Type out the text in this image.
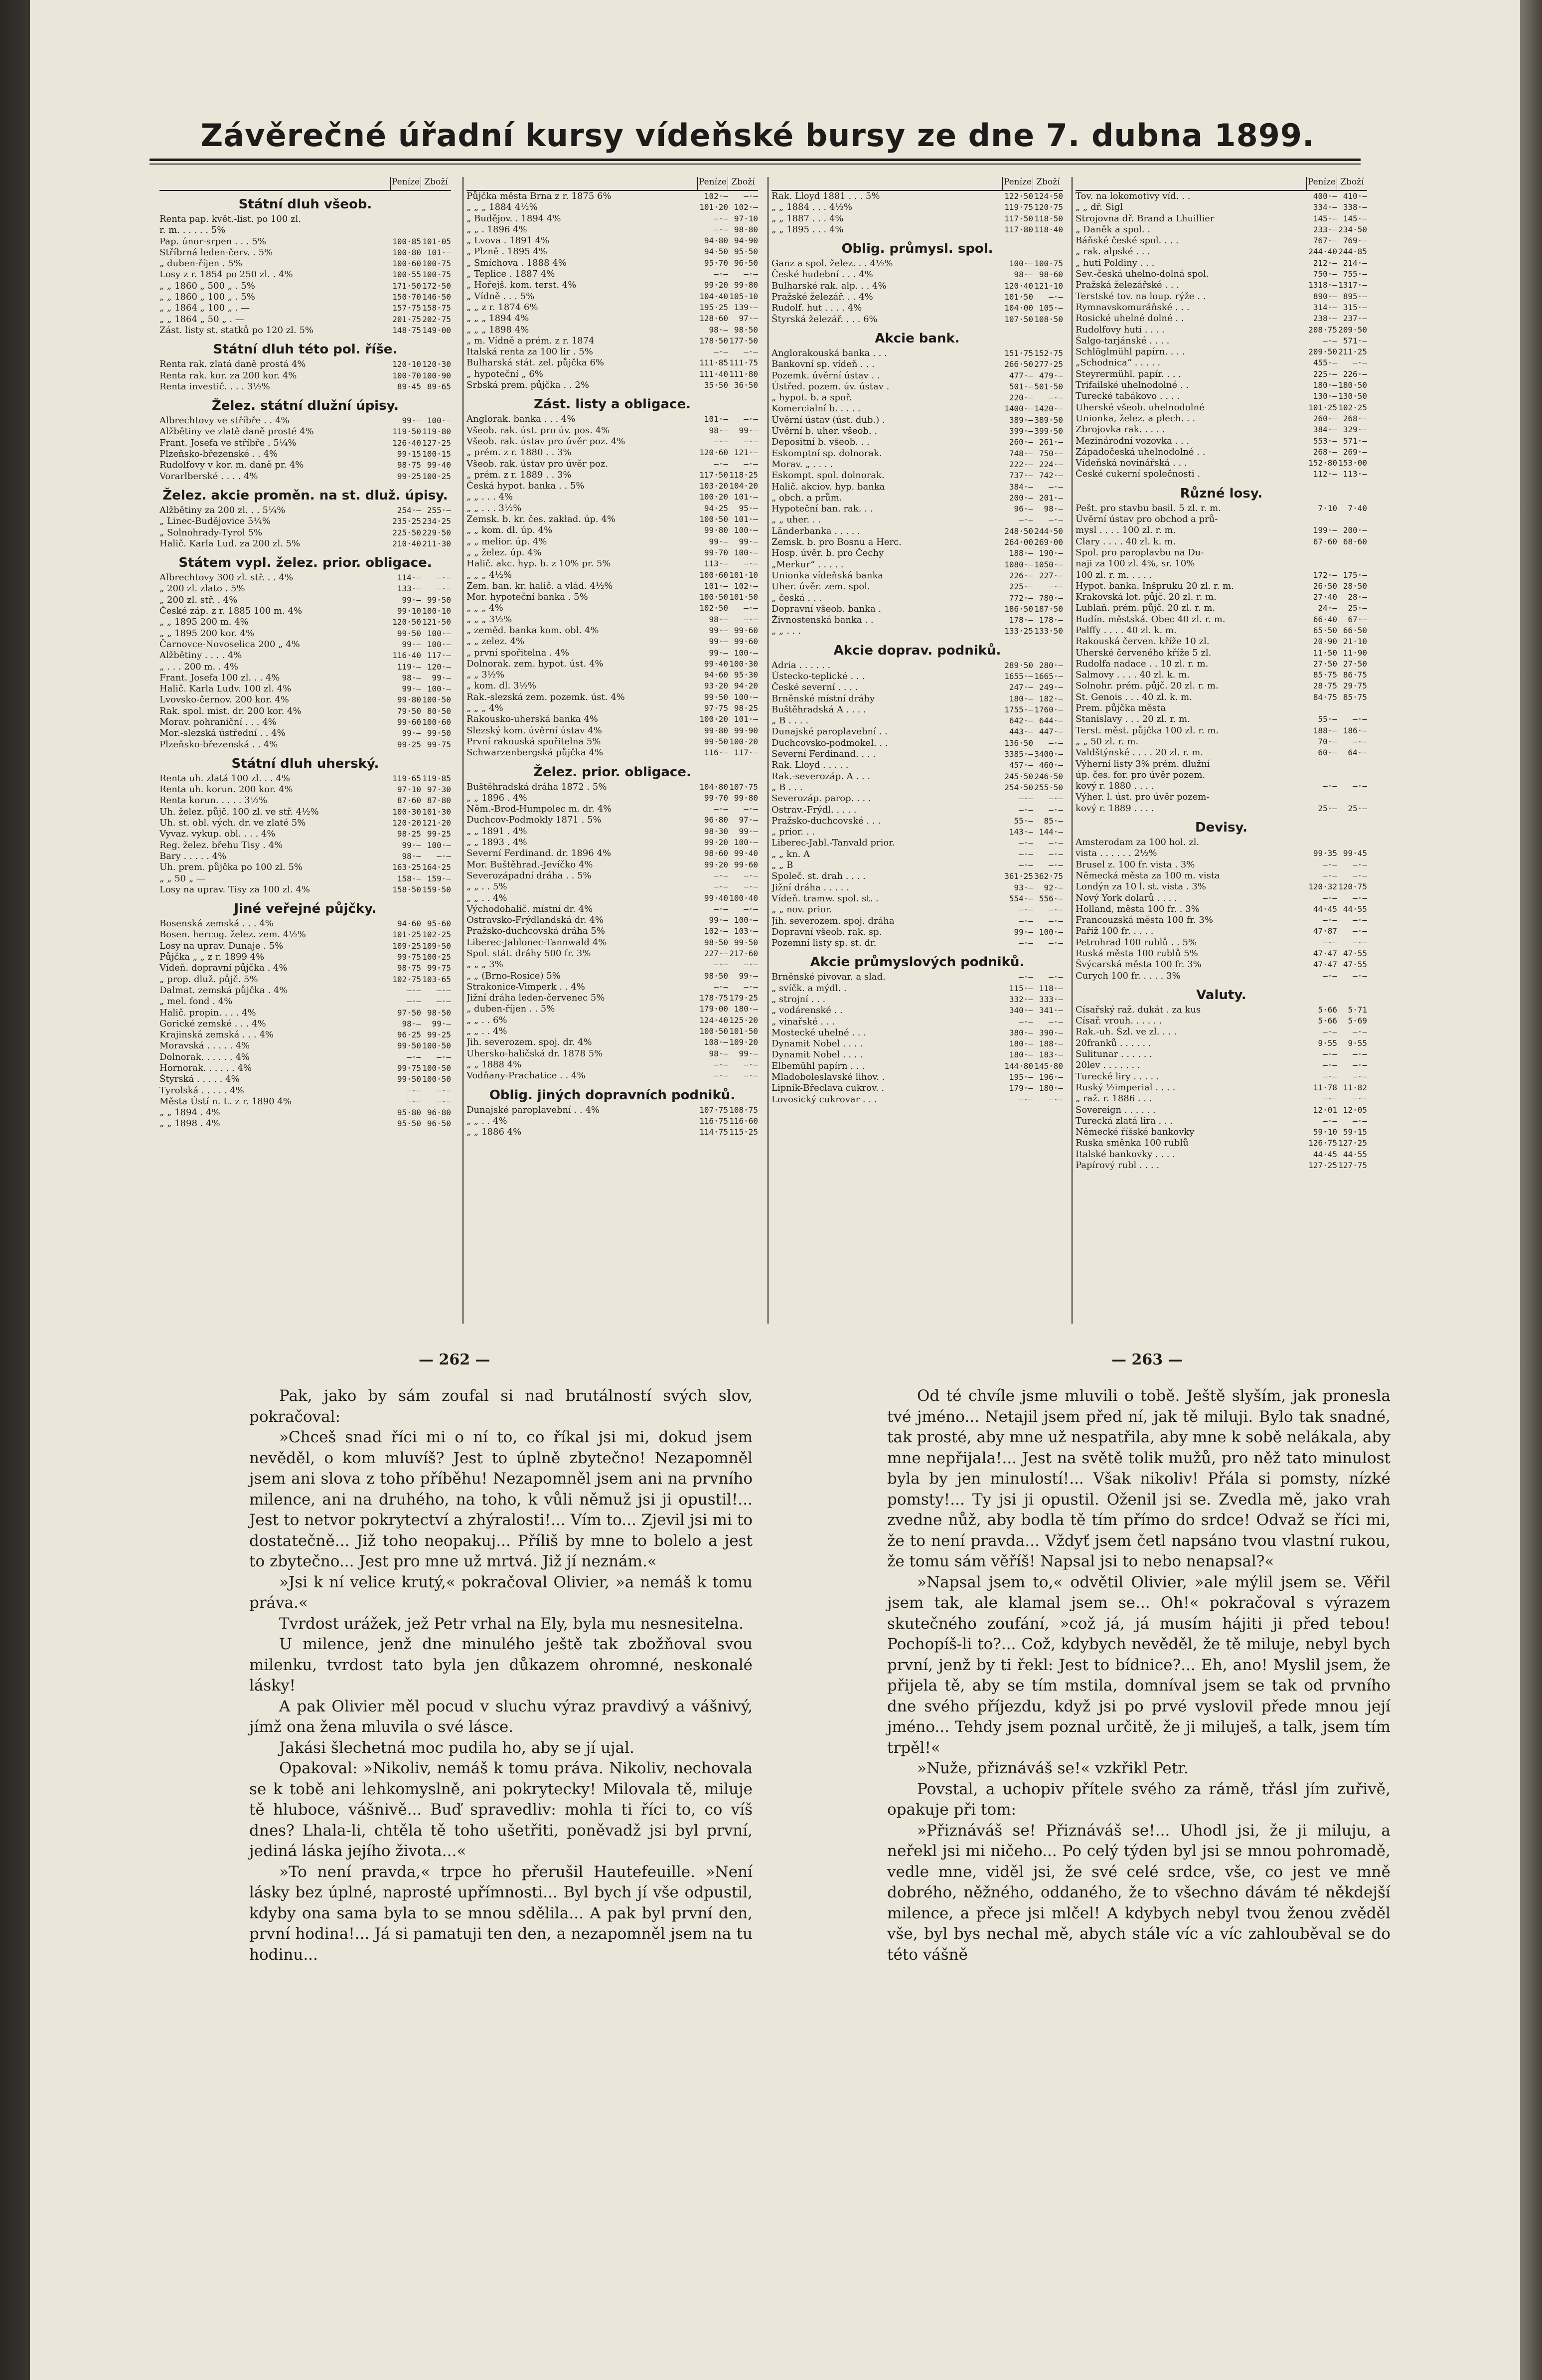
Závěrečné úřadní kursy vídeňské bursy ze dne 7. dubna 1899.
Peníze Zboží
Státní dluh všeob.
Renta pap. květ.-list. po 100 zl.
r. m. . . . . . 5%
Pap. únor-srpen . . . 5%	100·85 101·05
Stříbrná leden-červ. . 5%	100·80 101·—
„ duben-říjen . 5%	100·60 100·75
Losy z r. 1854 po 250 zl. . 4%	100·55 100·75
„ „ 1860 „ 500 „ . 5%	171·50 172·50
„ „ 1860 „ 100 „ . 5%	150·70 146·50
„ „ 1864 „ 100 „ . —	157·75 158·75
„ „ 1864 „ 50 „ . —	201·75 202·75
Zást. listy st. statků po 120 zl. 5%	148·75 149·00
Státní dluh této pol. říše.
Renta rak. zlatá daně prostá 4%	120·10 120·30
Renta rak. kor. za 200 kor. 4%	100·70 100·90
Renta investič. . . . 3½%	89·45 89·65
Želez. státní dlužní úpisy.
Albrechtovy ve stříbře . . 4%	99·— 100·—
Alžbětiny ve zlatě daně prosté 4%	119·50 119·80
Frant. Josefa ve stříbře . 5¼%	126·40 127·25
Plzeňsko-březenské . . 4%	99·15 100·15
Rudolfovy v kor. m. daně pr. 4%	98·75 99·40
Vorarlberské . . . . 4%	99·25 100·25
Želez. akcie proměn. na st. dluž. úpisy.
Alžbětiny za 200 zl. . . 5¼%	254·— 255·—
„ Linec-Budějovice 5¼%	235·25 234·25
„ Solnohrady-Tyrol 5%	225·50 229·50
Halič. Karla Lud. za 200 zl. 5%	210·40 211·30
Státem vypl. želez. prior. obligace.
Albrechtovy 300 zl. stř. . . 4%	114·—	—·—
„ 200 zl. zlato . 5%	133·—	—·—
„ 200 zl. stř. . 4%	99·— 99·50
České záp. z r. 1885 100 m. 4%	99·10 100·10
„ „ 1895 200 m. 4%	120·50 121·50
„ „ 1895 200 kor. 4%	99·50 100·—
Čarnovce-Novoselica 200 „ 4%	99·— 100·—
Alžbětiny . . . . 4%	116·40 117·—
„ . . . 200 m. . 4%	119·— 120·—
Frant. Josefa 100 zl. . . 4%	98·—	99·—
Halič. Karla Ludv. 100 zl. 4%	99·— 100·—
Lvovsko-černov. 200 kor. 4%	99·80 100·50
Rak. spol. mist. dr. 200 kor. 4%	79·50 80·50
Morav. pohraniční . . . 4%	99·60 100·60
Mor.-slezská ústřední . . 4%	99·— 99·50
Plzeňsko-březenská . . 4%	99·25 99·75
Státní dluh uherský.
Renta uh. zlatá 100 zl. . . 4%	119·65 119·85
Renta uh. korun. 200 kor. 4%	97·10 97·30
Renta korun. . . . . 3½%	87·60 87·80
Uh. želez. půjč. 100 zl. ve stř. 4½%	100·30 101·30
Uh. st. obl. vých. dr. ve zlaté 5%	120·20 121·20
Vyvaz. vykup. obl. . . . 4%	98·25 99·25
Reg. želez. břehu Tisy . 4%	99·— 100·—
Bary . . . . . 4%	98·—	—·—
Uh. prem. půjčka po 100 zl. 5%	163·25 164·25
„ „ 50 „ —	158·— 159·—
Losy na uprav. Tisy za 100 zl. 4%	158·50 159·50
Jiné veřejné půjčky.
Bosenská zemská . . . 4%	94·60 95·60
Bosen. hercog. želez. zem. 4½%	101·25 102·25
Losy na uprav. Dunaje . 5%	109·25 109·50
Půjčka „ „ z r. 1899 4%	99·75 100·25
Vídeň. dopravní půjčka . 4%	98·75 99·75
„ prop. dluž. půjč. 5%	102·75 103·65
Dalmat. zemská půjčka . 4%	—·—	—·—
„ mel. fond . 4%	—·—	—·—
Halič. propin. . . . 4%	97·50 98·50
Gorické zemské . . . 4%	98·—	99·—
Krajinská zemská . . . 4%	96·25 99·25
Moravská . . . . . 4%	99·50 100·50
Dolnorak. . . . . . 4%	—·—	—·—
Hornorak. . . . . . 4%	99·75 100·50
Štyrská . . . . . 4%	99·50 100·50
Tyrolská . . . . . 4%	—·—	—·—
Města Ústí n. L. z r. 1890 4%	—·—	—·—
„ „ 1894 . 4%	95·80 96·80
„ „ 1898 . 4%	95·50 96·50
Peníze Zboží
Půjčka města Brna z r. 1875 6%	102·—	—·—
„ „ „ 1884 4½%	101·20 102·—
„ Budějov. . 1894 4%	—·— 97·10
„ „ . 1896 4%	—·— 98·80
„ Lvova . 1891 4%	94·80 94·90
„ Plzně . 1895 4%	94·50 95·50
„ Smíchova . 1888 4%	95·70 96·50
„ Teplice . 1887 4%	—·—	—·—
„ Hořejš. kom. terst. 4%	99·20 99·80
„ Vídně . . . 5%	104·40 105·10
„ „ z r. 1874 6%	195·25 139·—
„ „ „ 1894 4%	128·60	97·—
„ „ „ 1898 4%	98·— 98·50
„ m. Vídně a prém. z r. 1874	178·50 177·50
Italská renta za 100 lir . 5%	—·—	—·—
Bulharská stát. zel. půjčka 6%	111·85 111·75
„ hypoteční „ 6%	111·40 111·80
Srbská prem. půjčka . . 2%	35·50 36·50
Zást. listy a obligace.
Anglorak. banka . . . 4%	101·—	—·—
Všeob. rak. úst. pro úv. pos. 4%	98·—	99·—
Všeob. rak. ústav pro úvěr poz. 4%	—·—	—·—
„ prém. z r. 1880 . . 3%	120·60 121·—
Všeob. rak. ústav pro úvěr poz.	—·—	—·—
„ prém. z r. 1889 . . 3%	117·50 118·25
Česká hypot. banka . . 5%	103·20 104·20
„ „ . . . 4%	100·20 101·—
„ „ . . . 3½%	94·25	95·—
Zemsk. b. kr. čes. zakład. úp. 4%	100·50 101·—
„ „ kom. dl. úp. 4%	99·80 100·—
„ „ melior. úp. 4%	99·—	99·—
„ „ želez. úp. 4%	99·70 100·—
Halič. akc. hyp. b. z 10% pr. 5%	113·—	—·—
„ „ „ 4½%	100·60 101·10
Zem. ban. kr. halič. a vlád. 4½%	101·— 102·—
Mor. hypoteční banka . 5%	100·50 101·50
„ „ „ 4%	102·50	—·—
„ „ „ 3½%	98·—	—·—
„ zeměd. banka kom. obl. 4%	99·— 99·60
„ „ zelez. 4%	99·— 99·60
„ první spořitelna . 4%	99·— 100·—
Dolnorak. zem. hypot. úst. 4%	99·40 100·30
„ „ 3½%	94·60 95·30
„ kom. dl. 3½%	93·20 94·20
Rak.-slezská zem. pozemk. úst. 4%	99·50 100·—
„ „ „ 4%	97·75 98·25
Rakousko-uherská banka 4%	100·20 101·—
Slezský kom. úvěrní ústav 4%	99·80 99·90
První rakouská spořitelna 5%	99·50 100·20
Schwarzenbergská půjčka 4%	116·— 117·—
Želez. prior. obligace.
Buštěhradská dráha 1872 . 5%	104·80 107·75
„ „ 1896 . 4%	99·70 99·80
Něm.-Brod-Humpolec m. dr. 4%	—·—	—·—
Duchcov-Podmokly 1871 . 5%	96·80	97·—
„ „ 1891 . 4%	98·30	99·—
„ „ 1893 . 4%	99·20 100·—
Severní Ferdinand. dr. 1896 4%	98·60 99·40
Mor. Buštěhrad.-Jevíčko 4%	99·20 99·60
Severozápadní dráha . . 5%	—·—	—·—
„ „ . . 5%	—·—	—·—
„ „ . . 4%	99·40 100·40
Východohalič. místní dr. 4%	—·—	—·—
Ostravsko-Frýdlandská dr. 4%	99·— 100·—
Pražsko-duchcovská dráha 5%	102·— 103·—
Liberec-Jablonec-Tannwald 4%	98·50 99·50
Spol. stát. dráhy 500 fr. 3%	227·— 217·60
„ „ „ 3%	—·—	—·—
„ „ (Brno-Rosice) 5%	98·50	99·—
Strakonice-Vimperk . . 4%	—·—	—·—
Jižní dráha leden-červenec 5%	178·75 179·25
„ duben-říjen . . 5%	179·00 180·—
„ „ . . 6%	124·40 125·20
„ „ . . 4%	100·50 101·50
Jih. severozem. spoj. dr. 4%	108·— 109·20
Uhersko-haličská dr. 1878 5%	98·—	99·—
„ „ 1888 4%	—·—	—·—
Vodňany-Prachatice . . 4%	—·—	—·—
Oblig. jiných dopravních podniků.
Dunajské paroplavební . . 4%	107·75 108·75
„ „ . . 4%	116·75 116·60
„ „ 1886 4%	114·75 115·25
Peníze Zboží
Rak. Lloyd 1881 . . . 5%	122·50 124·50
„ „ 1884 . . . 4½%	119·75 120·75
„ „ 1887 . . . 4%	117·50 118·50
„ „ 1895 . . . 4%	117·80 118·40
Oblig. průmysl. spol.
Ganz a spol. želez. . . 4½%	100·— 100·75
České hudební . . . 4%	98·— 98·60
Bulharské rak. alp. . . 4%	120·40 121·10
Pražské železář. . . 4%	101·50	—·—
Rudolf. hut . . . . 4%	104·00 105·—
Štyrská železář. . . . 6%	107·50 108·50
Akcie bank.
Anglorakouská banka . . .	151·75 152·75
Bankovní sp. vídeň . . .	266·50 277·25
Pozemk. úvěrní ústav . .	477·— 479·—
Ústřed. pozem. úv. ústav .	501·— 501·50
„ hypot. b. a spoř.	220·—	—·—
Komercialní b. . . . .	1400·— 1420·—
Úvěrní ústav (úst. dub.) .	389·— 389·50
Úvěrní b. uher. všeob. .	399·— 399·50
Depositní b. všeob. . .	260·— 261·—
Eskomptní sp. dolnorak.	748·— 750·—
Morav. „ . . . .	222·— 224·—
Eskompt. spol. dolnorak.	737·— 742·—
Halič. akciov. hyp. banka	384·—	—·—
„ obch. a prům.	200·— 201·—
Hypoteční ban. rak. . .	96·—	98·—
„ „ uher. . .	—·—	—·—
Länderbanka . . . . .	248·50 244·50
Zemsk. b. pro Bosnu a Herc.	264·00 269·00
Hosp. úvěr. b. pro Čechy	188·— 190·—
„Merkur“ . . . . .	1080·— 1050·—
Unionka vídeňská banka	226·— 227·—
Uher. úvěr. zem. spol.	225·—	—·—
„ česká . . .	772·— 780·—
Dopravní všeob. banka .	186·50 187·50
Živnostenská banka . .	178·— 178·—
„ „ . . .	133·25 133·50
Akcie doprav. podniků.
Adria . . . . . .	289·50 280·—
Ústecko-teplické . . .	1655·— 1665·—
České severní . . . .	247·— 249·—
Brněnské místní dráhy	180·— 182·—
Buštěhradská A . . . .	1755·— 1760·—
„ B . . . .	642·— 644·—
Dunajské paroplavební . .	443·— 447·—
Duchcovsko-podmokel. . .	136·50	—·—
Severní Ferdinand. . . .	3385·— 3400·—
Rak. Lloyd . . . . .	457·— 460·—
Rak.-severozáp. A . . .	245·50 246·50
„ B . . .	254·50 255·50
Severozáp. parop. . . .	—·—	—·—
Ostrav.-Frýdl. . . . .	—·—	—·—
Pražsko-duchcovské . . .	55·—	85·—
„ prior. . .	143·— 144·—
Liberec-Jabl.-Tanvald prior.	—·—	—·—
„ „ kn. A	—·—	—·—
„ „ B	—·—	—·—
Společ. st. drah . . . .	361·25 362·75
Jižní dráha . . . . .	93·—	92·—
Vídeň. tramw. spol. st. .	554·— 556·—
„ „ nov. prior.	—·—	—·—
Jih. severozem. spoj. dráha	—·—	—·—
Dopravní všeob. rak. sp.	99·— 100·—
Pozemní listy sp. st. dr.	—·—	—·—
Akcie průmyslových podniků.
Brněnské pivovar. a slad.	—·—	—·—
„ svíčk. a mýdl. .	115·— 118·—
„ strojní . . .	332·— 333·—
„ vodárenské . .	340·— 341·—
„ vinařské . . .	—·—	—·—
Mostecké uhelné . . .	380·— 390·—
Dynamit Nobel . . . .	180·— 188·—
Dynamit Nobel . . . .	180·— 183·—
Elbemühl papírn . . .	144·80 145·80
Mladoboleslavské lihov. .	195·— 196·—
Lipník-Břeclava cukrov. .	179·— 180·—
Lovosický cukrovar . . .	—·—	—·—
Peníze Zboží
Tov. na lokomotivy víd. . .	400·— 410·—
„ „ dř. Sigl	334·— 338·—
Strojovna dř. Brand a Lhuillier	145·— 145·—
„ Daněk a spol. .	233·— 234·50
Báňské české spol. . . .	767·— 769·—
„ rak. alpské . . .	244·40 244·85
„ huti Poldiny . . .	212·— 214·—
Sev.-česká uhelno-dolná spol.	750·— 755·—
Pražská železářské . . .	1318·— 1317·—
Terstské tov. na loup. rýže . .	890·— 895·—
Rymnavskomuráňské . . .	314·— 315·—
Rosické uhelné dolné . .	238·— 237·—
Rudolfovy huti . . . .	208·75 209·50
Šalgo-tarjánské . . . .	—·— 571·—
Schlöglmühl papírn. . . .	209·50 211·25
„Schodnica“ . . . . .	455·—	—·—
Steyrermühl. papír. . . .	225·— 226·—
Trifailské uhelnodolné . .	180·— 180·50
Turecké tabákovo . . . .	130·— 130·50
Uherské všeob. uhelnodolné	101·25 102·25
Unionka, želez. a plech. . .	260·— 268·—
Zbrojovka rak. . . . .	384·— 329·—
Mezinárodní vozovka . . .	553·— 571·—
Západočeská uhelnodolné . .	268·— 269·—
Vídeňská novinářská . . .	152·80 153·00
České cukerní společnosti .	112·— 113·—
Různé losy.
Pešt. pro stavbu basil. 5 zl. r. m.	7·10	7·40
Úvěrní ústav pro obchod a prů-
mysl . . . . 100 zl. r. m.	199·— 200·—
Clary . . . . 40 zl. k. m.	67·60 68·60
Spol. pro paroplavbu na Du-
naji za 100 zl. 4%, sr. 10%
100 zl. r. m. . . . .	172·— 175·—
Hypot. banka. Inšpruku 20 zl. r. m.	26·50 28·50
Krakovská lot. půjč. 20 zl. r. m.	27·40	28·—
Lublaň. prém. půjč. 20 zl. r. m.	24·—	25·—
Budín. městská. Obec 40 zl. r. m.	66·40	67·—
Palffy . . . . 40 zl. k. m.	65·50 66·50
Rakouská červen. kříže 10 zl.	20·90 21·10
Uherské červeného kříže 5 zl.	11·50 11·90
Rudolfa nadace . . 10 zl. r. m.	27·50 27·50
Salmovy . . . . 40 zl. k. m.	85·75 86·75
Solnohr. prém. půjč. 20 zl. r. m.	28·75 29·75
St. Genois . . . 40 zl. k. m.	84·75 85·75
Prem. půjčka města
Stanislavy . . . 20 zl. r. m.	55·—	—·—
Terst. měst. půjčka 100 zl. r. m.	188·— 186·—
„ „ 50 zl. r. m.	70·—	—·—
Valdštýnské . . . . 20 zl. r. m.	60·—	64·—
Výherní listy 3% prém. dlužní
úp. čes. for. pro úvěr pozem.
kový r. 1880 . . . .	—·—	—·—
Výher. l. úst. pro úvěr pozem-
kový r. 1889 . . . .	25·—	25·—
Devisy.
Amsterodam za 100 hol. zl.
vista . . . . . . 2½%	99·35 99·45
Brusel z. 100 fr. vista . 3%	—·—	—·—
Německá města za 100 m. vista	—·—	—·—
Londýn za 10 l. st. vista . 3%	120·32 120·75
Nový York dolarů . . . .	—·—	—·—
Holland, města 100 fr. . 3%	44·45 44·55
Francouzská města 100 fr. 3%	—·—	—·—
Paříž 100 fr. . . . .	47·87	—·—
Petrohrad 100 rublů . . 5%	—·—	—·—
Ruská města 100 rublů 5%	47·47 47·55
Švýcarská města 100 fr. 3%	47·47 47·55
Curych 100 fr. . . . . 3%	—·—	—·—
Valuty.
Císařský raž. dukát . za kus	5·66	5·71
Císař. vrouh. . . . . .	5·66	5·69
Rak.-uh. Šzl. ve zl. . . .	—·—	—·—
20franků . . . . . .	9·55	9·55
Sulitunar . . . . . .	—·—	—·—
20lev . . . . . . .	—·—	—·—
Turecké liry . . . . .	—·—	—·—
Ruský ½imperial . . . .	11·78 11·82
„ raž. r. 1886 . . .	—·—	—·—
Sovereign . . . . . .	12·01 12·05
Turecká zlatá lira . . .	—·—	—·—
Německé říšské bankovky	59·10 59·15
Ruska směnka 100 rublů	126·75 127·25
Italské bankovky . . . .	44·45 44·55
Papírový rubl . . . .	127·25 127·75
— 262 —	— 263 —

Pak, jako by sám zoufal si nad brutálností svých slov, pokračoval:

»Chceš snad říci mi o ní to, co říkal jsi mi, dokud jsem nevěděl, o kom mluvíš? Jest to úplně zbytečno! Nezapomněl jsem ani slova z toho příběhu! Nezapomněl jsem ani na prvního milence, ani na druhého, na toho, k vůli němuž jsi ji opustil!... Jest to netvor pokrytectví a zhýralosti!... Vím to... Zjevil jsi mi to dostatečně... Již toho neopakuj... Příliš by mne to bolelo a jest to zbytečno... Jest pro mne už mrtvá. Již jí neznám.«

»Jsi k ní velice krutý,« pokračoval Olivier, »a nemáš k tomu práva.«

Tvrdost urážek, jež Petr vrhal na Ely, byla mu nesnesitelna.

U milence, jenž dne minulého ještě tak zbožňoval svou milenku, tvrdost tato byla jen důkazem ohromné, neskonalé lásky!

A pak Olivier měl pocud v sluchu výraz pravdivý a vášnivý, jímž ona žena mluvila o své lásce.

Jakási šlechetná moc pudila ho, aby se jí ujal.

Opakoval: »Nikoliv, nemáš k tomu práva. Nikoliv, nechovala se k tobě ani lehkomyslně, ani pokrytecky! Milovala tě, miluje tě hluboce, vášnivě... Buď spravedliv: mohla ti říci to, co víš dnes? Lhala-li, chtěla tě toho ušetřiti, poněvadž jsi byl první, jediná láska jejího života...«

»To není pravda,« trpce ho přerušil Hautefeuille. »Není lásky bez úplné, naprosté upřímnosti... Byl bych jí vše odpustil, kdyby ona sama byla to se mnou sdělila... A pak byl první den, první hodina!... Já si pamatuji ten den, a nezapomněl jsem na tu hodinu...

Od té chvíle jsme mluvili o tobě. Ještě slyším, jak pronesla tvé jméno... Netajil jsem před ní, jak tě miluji. Bylo tak snadné, tak prosté, aby mne už nespatřila, aby mne k sobě nelákala, aby mne nepřijala!... Jest na světě tolik mužů, pro něž tato minulost byla by jen minulostí!... Však nikoliv! Přála si pomsty, nízké pomsty!... Ty jsi ji opustil. Oženil jsi se. Zvedla mě, jako vrah zvedne nůž, aby bodla tě tím přímo do srdce! Odvaž se říci mi, že to není pravda... Vždyť jsem četl napsáno tvou vlastní rukou, že tomu sám věříš! Napsal jsi to nebo nenapsal?«

»Napsal jsem to,« odvětil Olivier, »ale mýlil jsem se. Věřil jsem tak, ale klamal jsem se... Oh!« pokračoval s výrazem skutečného zoufání, »což já, já musím hájiti ji před tebou! Pochopíš-li to?... Což, kdybych nevěděl, že tě miluje, nebyl bych první, jenž by ti řekl: Jest to bídnice?... Eh, ano! Myslil jsem, že přijela tě, aby se tím mstila, domníval jsem se tak od prvního dne svého příjezdu, když jsi po prvé vyslovil přede mnou její jméno... Tehdy jsem poznal určitě, že ji miluješ, a talk, jsem tím trpěl!«

»Nuže, přiznáváš se!« vzkřikl Petr.

Povstal, a uchopiv přítele svého za rámě, třásl jím zuřivě, opakuje při tom:

»Přiznáváš se! Přiznáváš se!... Uhodl jsi, že ji miluju, a neřekl jsi mi ničeho... Po celý týden byl jsi se mnou pohromadě, vedle mne, viděl jsi, že své celé srdce, vše, co jest ve mně dobrého, něžného, oddaného, že to všechno dávám té někdejší milence, a přece jsi mlčel! A kdybych nebyl tvou ženou zvěděl vše, byl bys nechal mě, abych stále víc a víc zahlouběval se do této vášně
